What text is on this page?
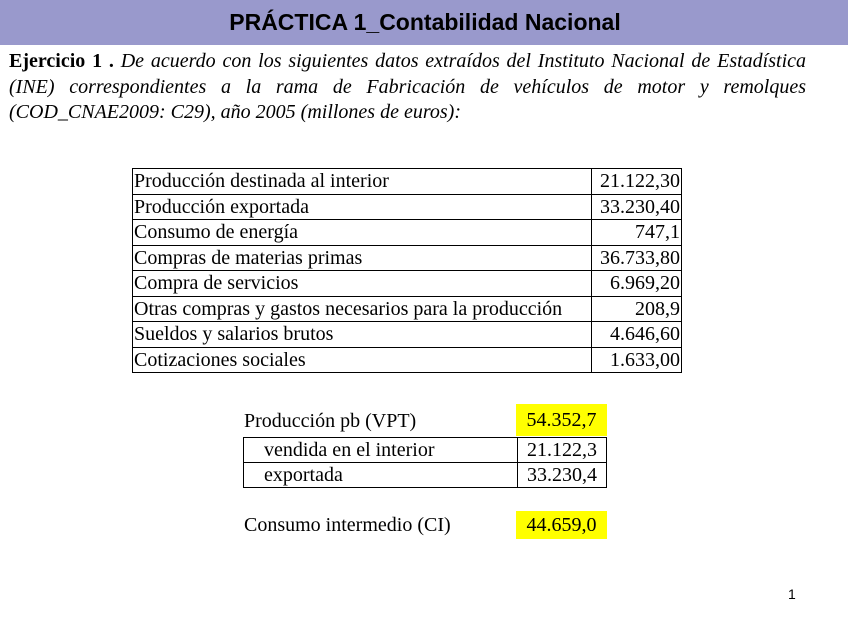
PRÁCTICA 1_Contabilidad Nacional
Ejercicio 1 . De acuerdo con los siguientes datos extraídos del Instituto Nacional de Estadística (INE) correspondientes a la rama de Fabricación de vehículos de motor y remolques (COD_CNAE2009: C29), año 2005 (millones de euros):
Producción destinada al interior	21.122,30
Producción exportada	33.230,40
Consumo de energía	747,1
Compras de materias primas	36.733,80
Compra de servicios	6.969,20
Otras compras y gastos necesarios para la producción	208,9
Sueldos y salarios brutos	4.646,60
Cotizaciones sociales	1.633,00
Producción pb (VPT)	54.352,7
vendida en el interior	21.122,3
exportada	33.230,4
Consumo intermedio (CI)	44.659,0
1
